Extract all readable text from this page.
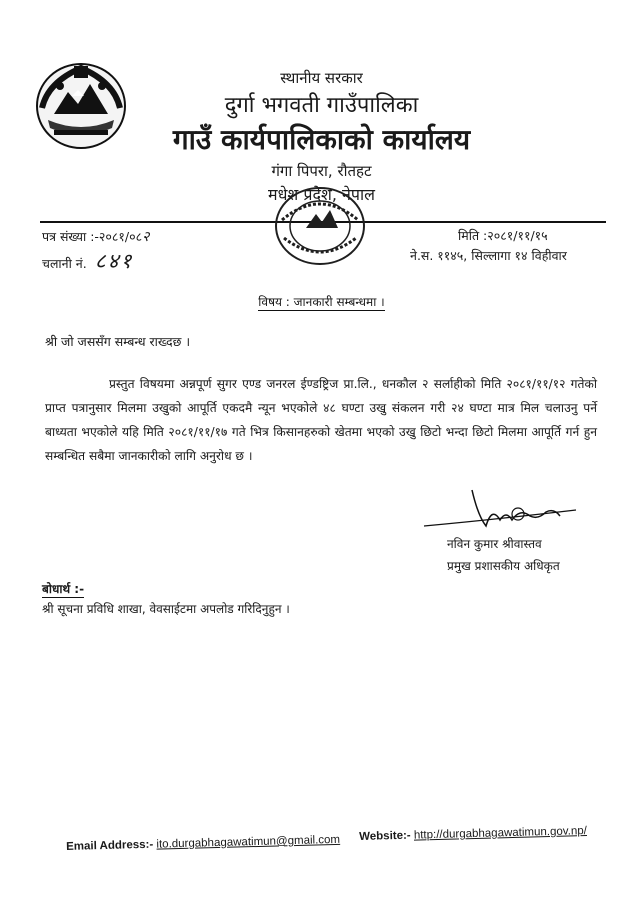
स्थानीय सरकार
दुर्गा भगवती गाउँपालिका
गाउँ कार्यपालिकाको कार्यालय
गंगा पिपरा, रौतहट
मधेश प्रदेश, नेपाल
पत्र संख्या :-२०८१/०८२
चलानी नं. ८४१
मिति :२०८१/११/१५
ने.स. ११४५, सिल्लागा १४ विहीवार
विषय : जानकारी सम्बन्धमा ।
श्री जो जससँग सम्बन्ध राख्दछ ।
प्रस्तुत विषयमा अन्नपूर्ण सुगर एण्ड जनरल ईण्डष्ट्रिज प्रा.लि., धनकौल २ सर्लाहीको मिति २०८१/११/१२ गतेको प्राप्त पत्रानुसार मिलमा उखुको आपूर्ति एकदमै न्यून भएकोले ४८ घण्टा उखु संकलन गरी २४ घण्टा मात्र मिल चलाउनु पर्ने बाध्यता भएकोले यहि मिति २०८१/११/१७ गते भित्र किसानहरुको खेतमा भएको उखु छिटो भन्दा छिटो मिलमा आपूर्ति गर्न हुन सम्बन्धित सबैमा जानकारीको लागि अनुरोध छ ।
नविन कुमार श्रीवास्तव
प्रमुख प्रशासकीय अधिकृत
बोधार्थ :-
श्री सूचना प्रविधि शाखा, वेवसाईटमा अपलोड गरिदिनुहुन ।
Email Address:- ito.durgabhagawatimun@gmail.com Website:- http://durgabhagawatimun.gov.np/
